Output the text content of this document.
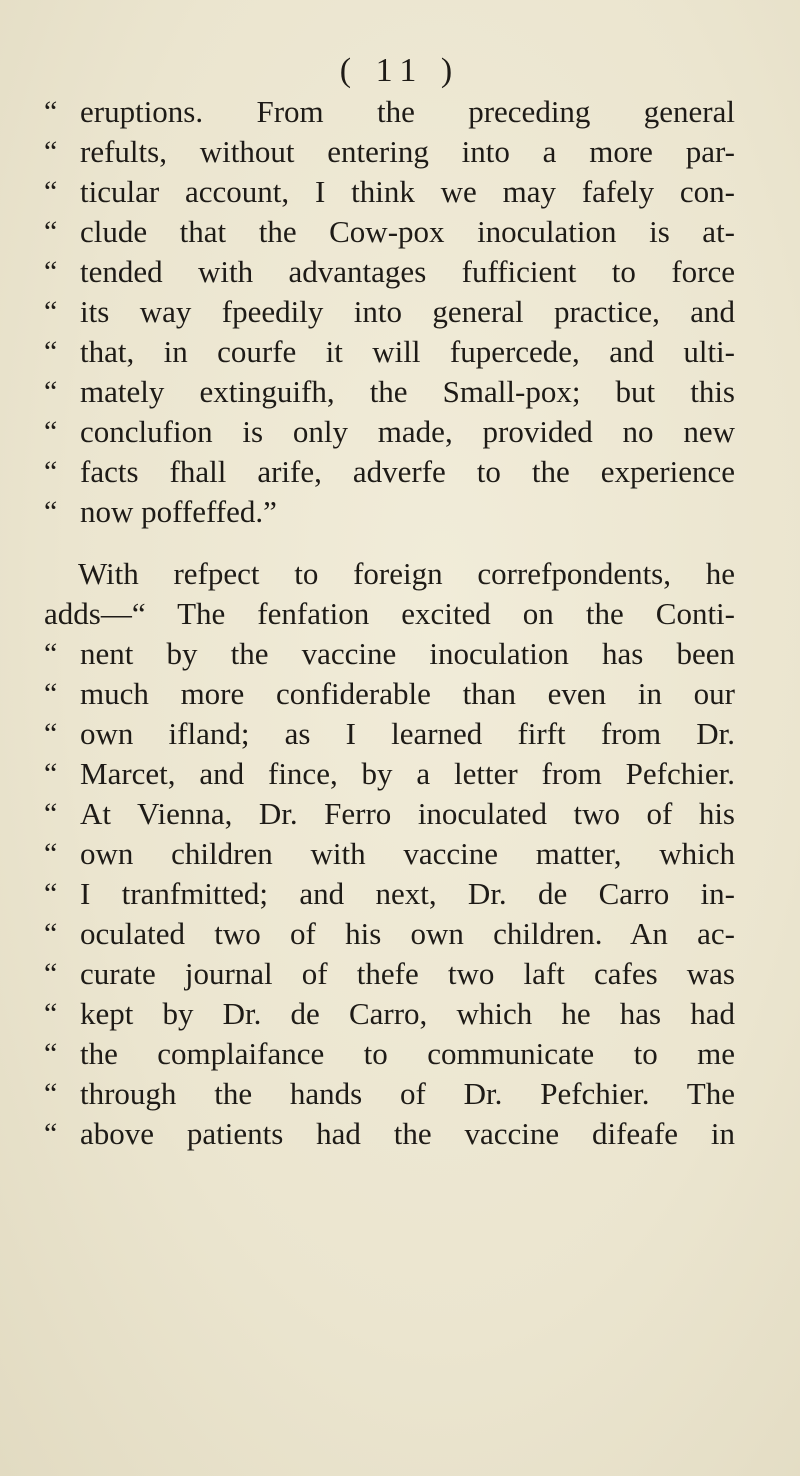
( 11 )
“ eruptions. From the preceding general
“ refults, without entering into a more par-
“ ticular account, I think we may fafely con-
“ clude that the Cow-pox inoculation is at-
“ tended with advantages fufficient to force
“ its way fpeedily into general practice, and
“ that, in courfe it will fupercede, and ulti-
“ mately extinguifh, the Small-pox; but this
“ conclufion is only made, provided no new
“ facts fhall arife, adverfe to the experience
“ now poffeffed.”
With refpect to foreign correfpondents, he
adds—“ The fenfation excited on the Conti-
“ nent by the vaccine inoculation has been
“ much more confiderable than even in our
“ own ifland; as I learned firft from Dr.
“ Marcet, and fince, by a letter from Pefchier.
“ At Vienna, Dr. Ferro inoculated two of his
“ own children with vaccine matter, which
“ I tranfmitted; and next, Dr. de Carro in-
“ oculated two of his own children. An ac-
“ curate journal of thefe two laft cafes was
“ kept by Dr. de Carro, which he has had
“ the complaifance to communicate to me
“ through the hands of Dr. Pefchier. The
“ above patients had the vaccine difeafe in
